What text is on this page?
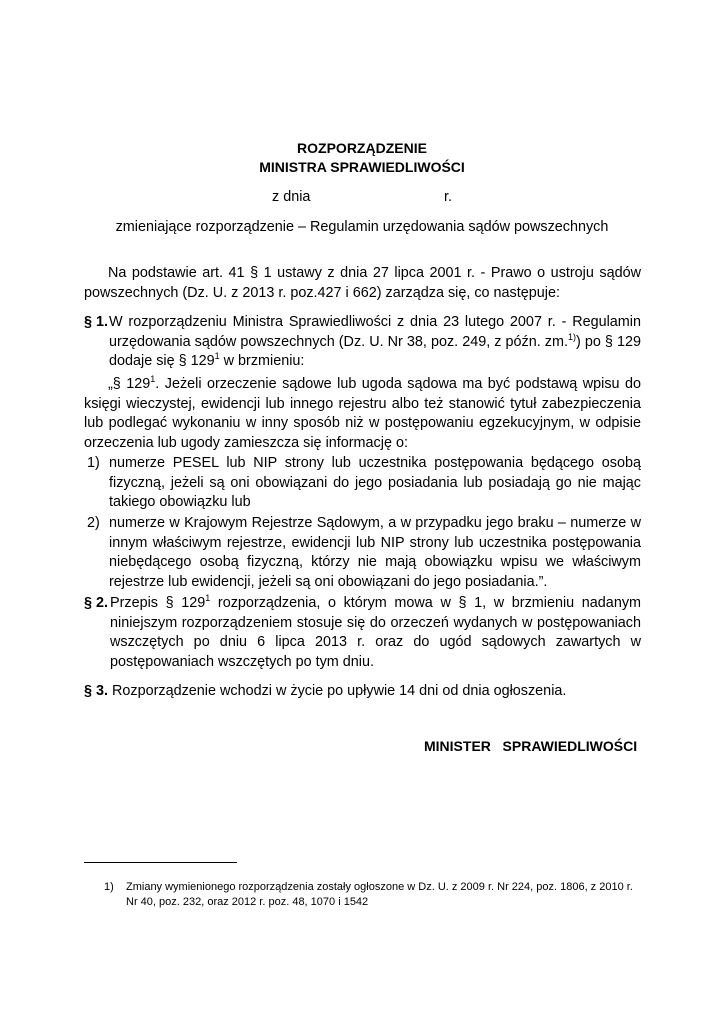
ROZPORZĄDZENIE
MINISTRA SPRAWIEDLIWOŚCI
z dnia	r.
zmieniające rozporządzenie – Regulamin urzędowania sądów powszechnych
Na podstawie art. 41 § 1 ustawy z dnia 27 lipca 2001 r. - Prawo o ustroju sądów powszechnych (Dz. U. z 2013 r. poz.427 i 662) zarządza się, co następuje:
§ 1. W rozporządzeniu Ministra Sprawiedliwości z dnia 23 lutego 2007 r. - Regulamin urzędowania sądów powszechnych (Dz. U. Nr 38, poz. 249, z późn. zm.$^{1)}$) po § 129 dodaje się § $129^1$ w brzmieniu:
„§ $129^1$. Jeżeli orzeczenie sądowe lub ugoda sądowa ma być podstawą wpisu do księgi wieczystej, ewidencji lub innego rejestru albo też stanowić tytuł zabezpieczenia lub podlegać wykonaniu w inny sposób niż w postępowaniu egzekucyjnym, w odpisie orzeczenia lub ugody zamieszcza się informację o:
1) numerze PESEL lub NIP strony lub uczestnika postępowania będącego osobą fizyczną, jeżeli są oni obowiązani do jego posiadania lub posiadają go nie mając takiego obowiązku lub
2) numerze w Krajowym Rejestrze Sądowym, a w przypadku jego braku – numerze w innym właściwym rejestrze, ewidencji lub NIP strony lub uczestnika postępowania niebędącego osobą fizyczną, którzy nie mają obowiązku wpisu we właściwym rejestrze lub ewidencji, jeżeli są oni obowiązani do jego posiadania.”.
§ 2. Przepis § $129^1$ rozporządzenia, o którym mowa w § 1, w brzmieniu nadanym niniejszym rozporządzeniem stosuje się do orzeczeń wydanych w postępowaniach wszczętych po dniu 6 lipca 2013 r. oraz do ugód sądowych zawartych w postępowaniach wszczętych po tym dniu.
§ 3. Rozporządzenie wchodzi w życie po upływie 14 dni od dnia ogłoszenia.
MINISTER   SPRAWIEDLIWOŚCI
1) Zmiany wymienionego rozporządzenia zostały ogłoszone w Dz. U. z 2009 r. Nr 224, poz. 1806, z 2010 r. Nr 40, poz. 232, oraz 2012 r. poz. 48, 1070 i 1542
